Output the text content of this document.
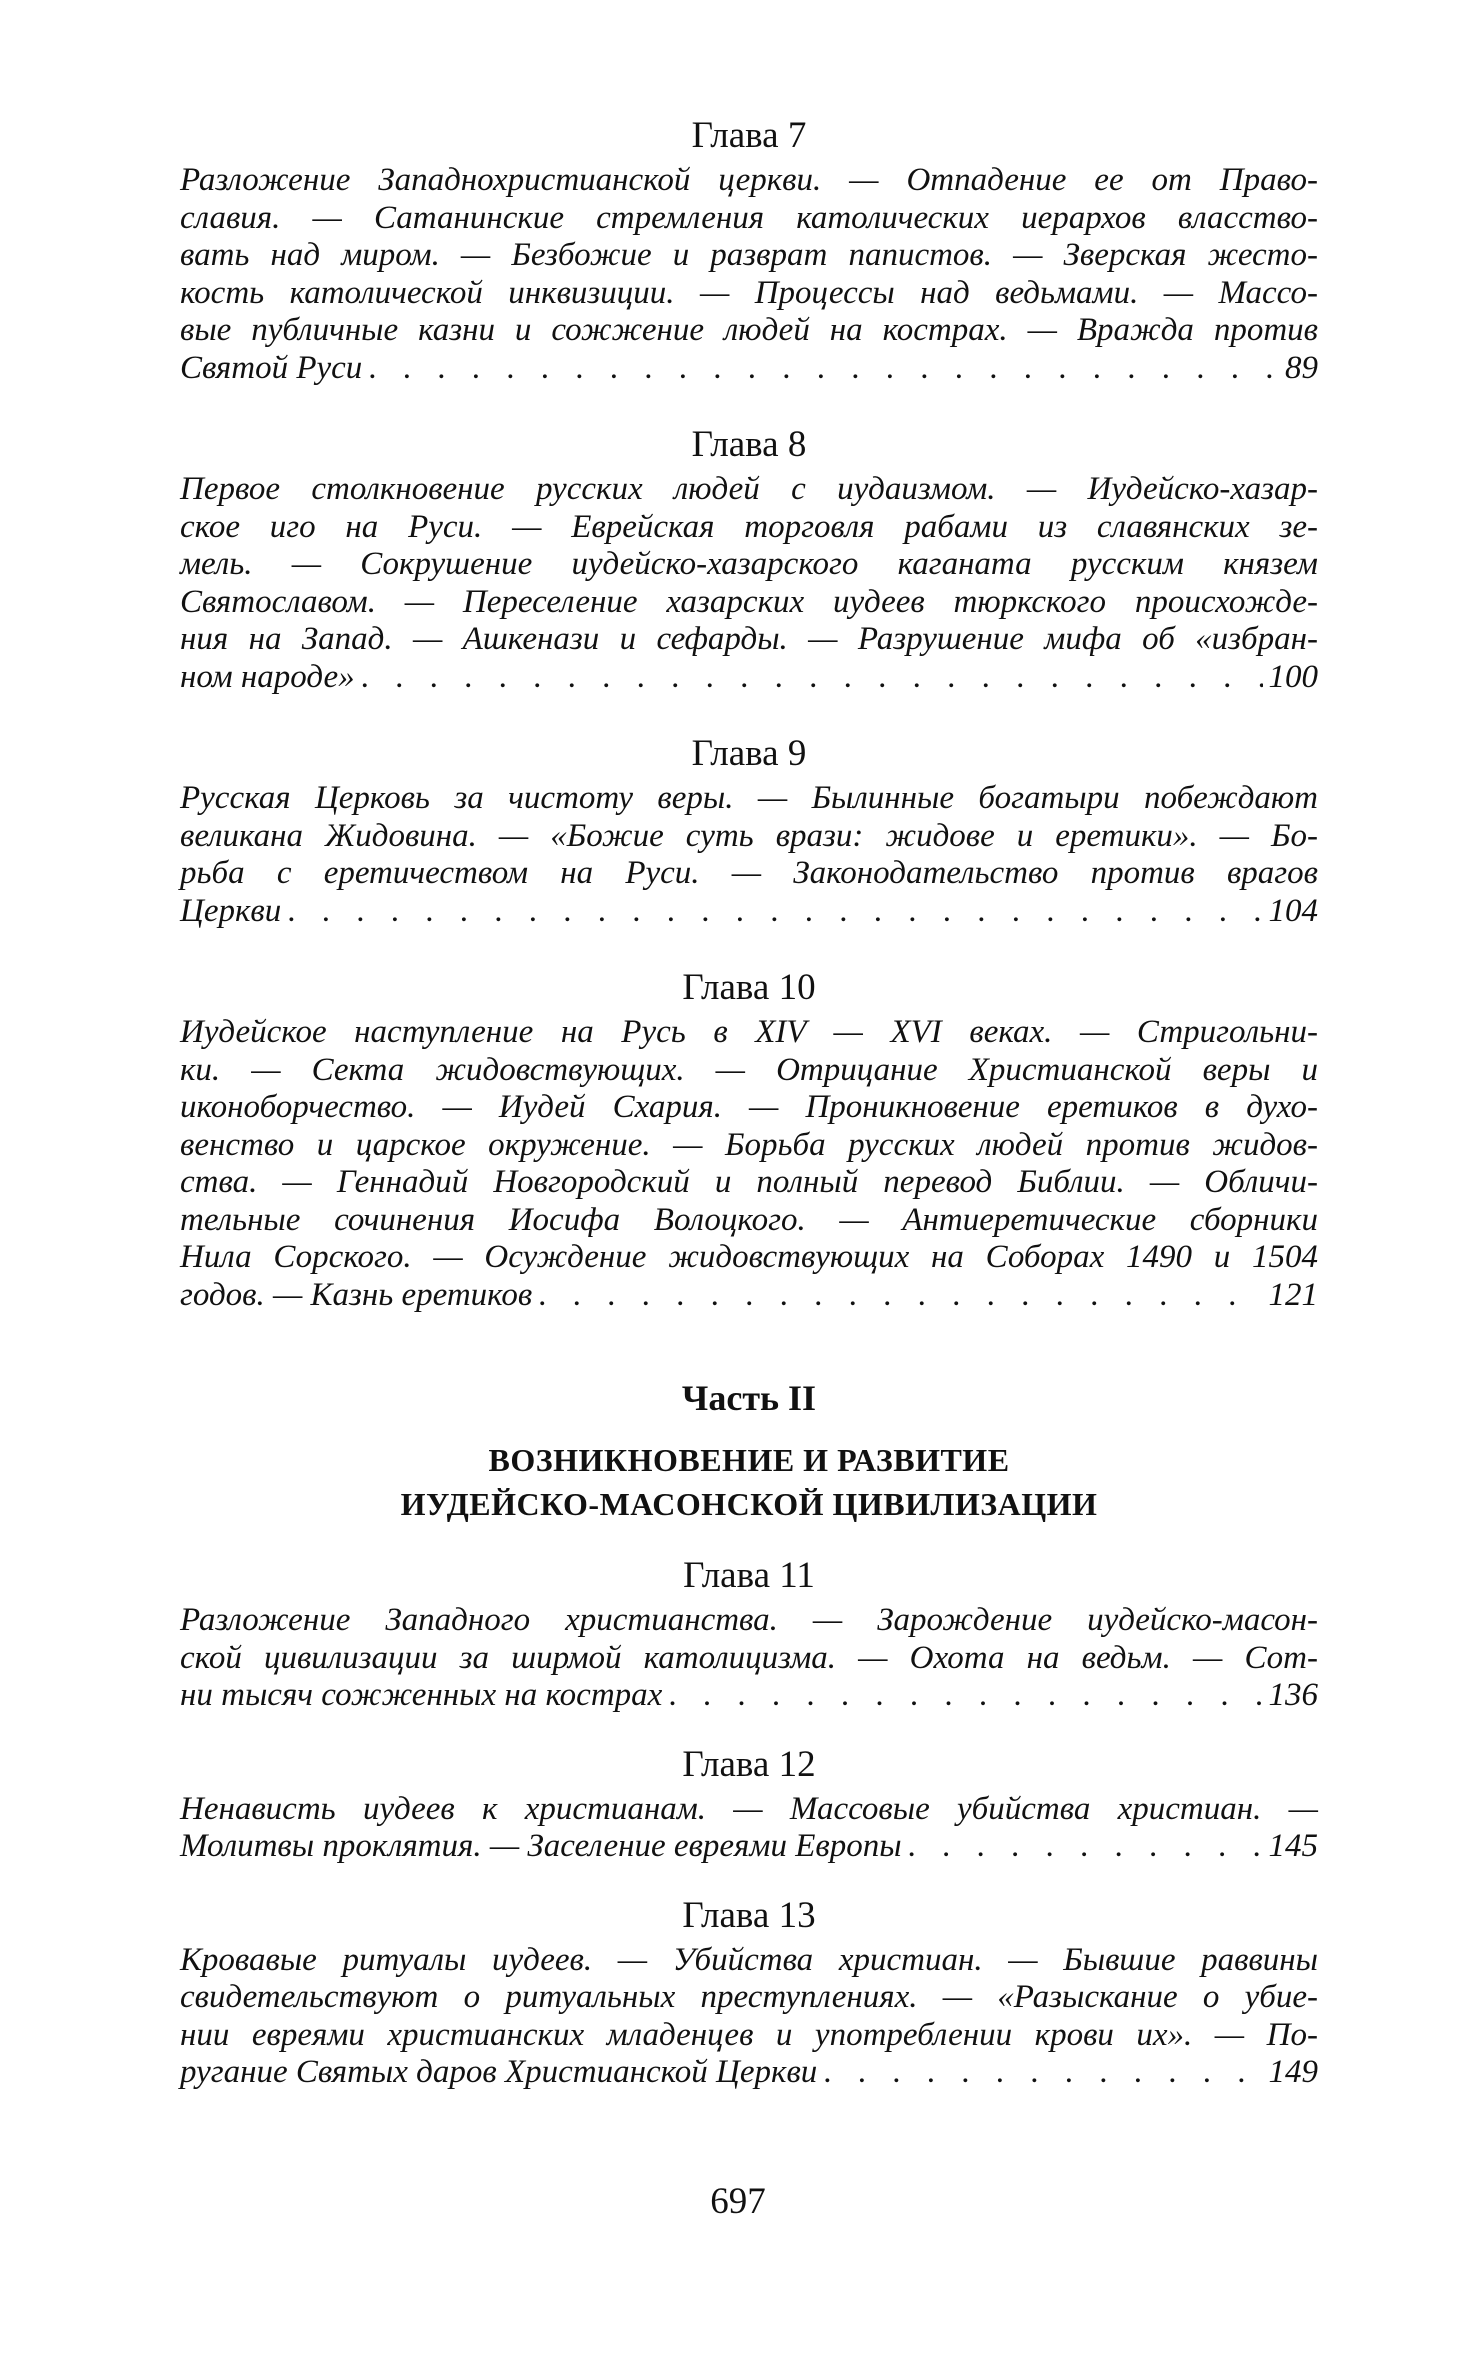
Глава 7
Разложение Западнохристианской церкви. — Отпадение ее от Право-
славия. — Сатанинские стремления католических иерархов власство-
вать над миром. — Безбожие и разврат папистов. — Зверская жесто-
кость католической инквизиции. — Процессы над ведьмами. — Массо-
вые публичные казни и сожжение людей на кострах. — Вражда против
Святой Руси . . .	89
Глава 8
Первое столкновение русских людей с иудаизмом. — Иудейско-хазар-
ское иго на Руси. — Еврейская торговля рабами из славянских зе-
мель. — Сокрушение иудейско-хазарского каганата русским князем
Святославом. — Переселение хазарских иудеев тюркского происхожде-
ния на Запад. — Ашкенази и сефарды. — Разрушение мифа об «избран-
ном народе» . . .	100
Глава 9
Русская Церковь за чистоту веры. — Былинные богатыри побеждают
великана Жидовина. — «Божие суть врази: жидове и еретики». — Бо-
рьба с еретичеством на Руси. — Законодательство против врагов
Церкви . . .	104
Глава 10
Иудейское наступление на Русь в XIV — XVI веках. — Стригольни-
ки. — Секта жидовствующих. — Отрицание Христианской веры и
иконоборчество. — Иудей Схария. — Проникновение еретиков в духо-
венство и царское окружение. — Борьба русских людей против жидов-
ства. — Геннадий Новгородский и полный перевод Библии. — Обличи-
тельные сочинения Иосифа Волоцкого. — Антиеретические сборники
Нила Сорского. — Осуждение жидовствующих на Соборах 1490 и 1504
годов. — Казнь еретиков . . .	121
Часть II
ВОЗНИКНОВЕНИЕ И РАЗВИТИЕ
ИУДЕЙСКО-МАСОНСКОЙ ЦИВИЛИЗАЦИИ
Глава 11
Разложение Западного христианства. — Зарождение иудейско-масон-
ской цивилизации за ширмой католицизма. — Охота на ведьм. — Сот-
ни тысяч сожженных на кострах . . .	136
Глава 12
Ненависть иудеев к христианам. — Массовые убийства христиан. —
Молитвы проклятия. — Заселение евреями Европы . . .	145
Глава 13
Кровавые ритуалы иудеев. — Убийства христиан. — Бывшие раввины
свидетельствуют о ритуальных преступлениях. — «Разыскание о убие-
нии евреями христианских младенцев и употреблении крови их». — По-
ругание Святых даров Христианской Церкви . . .	149
697
